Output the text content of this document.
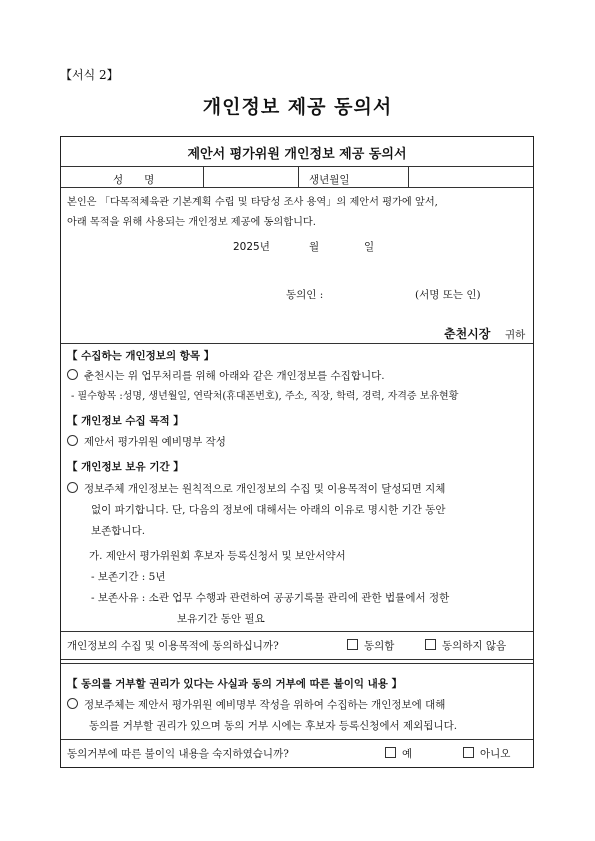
【서식 2】
개인정보 제공 동의서
제안서 평가위원 개인정보 제공 동의서
성　　명	생년월일
본인은 「다목적체육관 기본계획 수립 및 타당성 조사 용역」의 제안서 평가에 앞서,
아래 목적을 위해 사용되는 개인정보 제공에 동의합니다.
2025년	월	일
동의인 :	(서명 또는 인)
춘천시장 귀하
【 수집하는 개인정보의 항목 】
춘천시는 위 업무처리를 위해 아래와 같은 개인정보를 수집합니다.
- 필수항목 :성명, 생년월일, 연락처(휴대폰번호), 주소, 직장, 학력, 경력, 자격증 보유현황
【 개인정보 수집 목적 】
제안서 평가위원 예비명부 작성
【 개인정보 보유 기간 】
정보주체 개인정보는 원칙적으로 개인정보의 수집 및 이용목적이 달성되면 지체
없이 파기합니다. 단, 다음의 정보에 대해서는 아래의 이유로 명시한 기간 동안
보존합니다.
가. 제안서 평가위원회 후보자 등록신청서 및 보안서약서
- 보존기간 : 5년
- 보존사유 : 소관 업무 수행과 관련하여 공공기록물 관리에 관한 법률에서 정한
보유기간 동안 필요
개인정보의 수집 및 이용목적에 동의하십니까?	동의함	동의하지 않음
【 동의를 거부할 권리가 있다는 사실과 동의 거부에 따른 불이익 내용 】
정보주체는 제안서 평가위원 예비명부 작성을 위하여 수집하는 개인정보에 대해
동의를 거부할 권리가 있으며 동의 거부 시에는 후보자 등록신청에서 제외됩니다.
동의거부에 따른 불이익 내용을 숙지하였습니까?	예	아니오
